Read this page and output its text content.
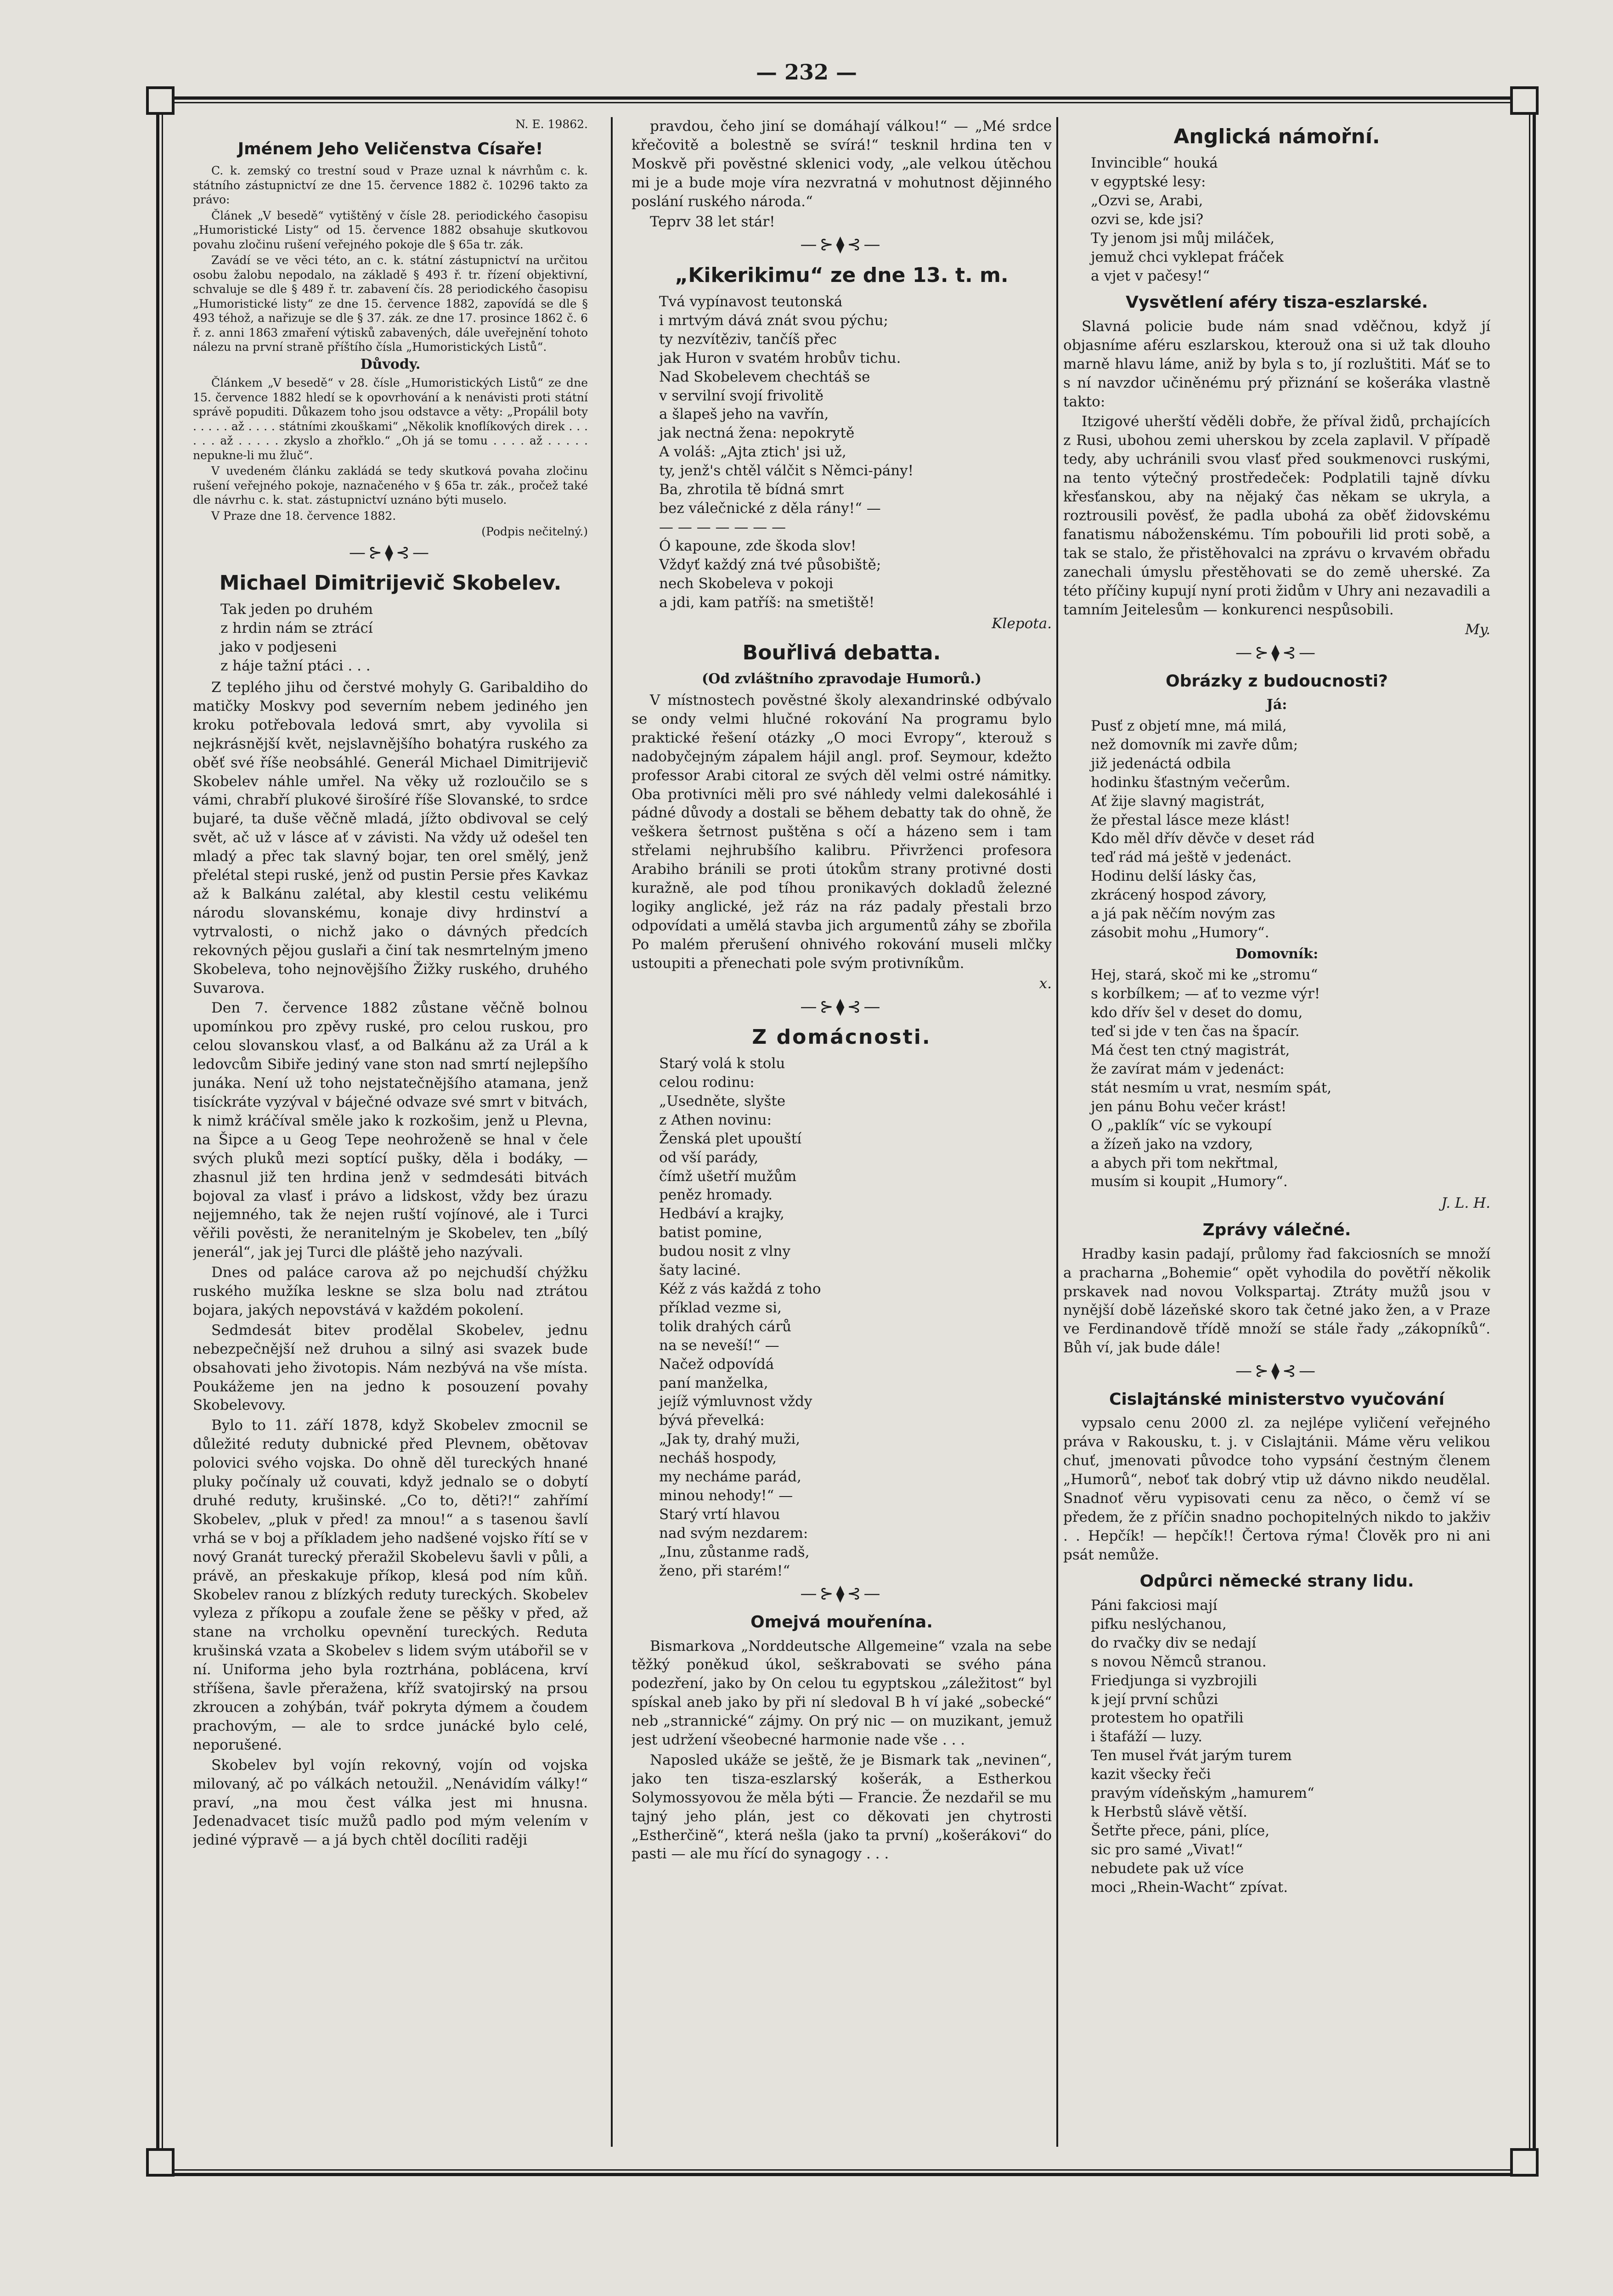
— 232 —
N. E. 19862.
Jménem Jeho Veličenstva Císaře!

C. k. zemský co trestní soud v Praze uznal k návrhům c. k. státního zástupnictví ze dne 15. července 1882 č. 10296 takto za právo:

Článek „V besedě“ vytištěný v čísle 28. periodického časopisu „Humoristické Listy“ od 15. července 1882 obsahuje skutkovou povahu zločinu rušení veřejného pokoje dle § 65a tr. zák.

Zavádí se ve věci této, an c. k. státní zástupnictví na určitou osobu žalobu nepodalo, na základě § 493 ř. tr. řízení objektivní, schvaluje se dle § 489 ř. tr. zabavení čís. 28 periodického časopisu „Humoristické listy“ ze dne 15. července 1882, zapovídá se dle § 493 téhož, a nařizuje se dle § 37. zák. ze dne 17. prosince 1862 č. 6 ř. z. anni 1863 zmaření výtisků zabavených, dále uveřejnění tohoto nálezu na první straně příštího čísla „Humoristických Listů“.

Důvody.

Článkem „V besedě“ v 28. čísle „Humoristických Listů“ ze dne 15. července 1882 hledí se k opovrhování a k nenávisti proti státní správě popuditi. Důkazem toho jsou odstavce a věty: „Propálil boty . . . . . až . . . . státními zkouškami“ „Několik knoflíkových direk . . . . . . až . . . . . zkyslo a zhořklo.“ „Oh já se tomu . . . . až . . . . . nepukne-li mu žluč“.

V uvedeném článku zakládá se tedy skutková povaha zločinu rušení veřejného pokoje, naznačeného v § 65a tr. zák., pročež také dle návrhu c. k. stat. zástupnictví uznáno býti muselo.

V Praze dne 18. července 1882.

(Podpis nečitelný.)
—⊱⧫⊰—
Michael Dimitrijevič Skobelev.
Tak jeden po druhém
z hrdin nám se ztrácí
jako v podjeseni
z háje tažní ptáci . . .

Z teplého jihu od čerstvé mohyly G. Garibaldiho do matičky Moskvy pod severním nebem jediného jen kroku potřebovala ledová smrt, aby vyvolila si nejkrásnější květ, nejslavnějšího bohatýra ruského za oběť své říše neobsáhlé. Generál Michael Dimitrijevič Skobelev náhle umřel. Na věky už rozloučilo se s vámi, chrabří plukové širošíré říše Slovanské, to srdce bujaré, ta duše věčně mladá, jížto obdivoval se celý svět, ač už v lásce ať v závisti. Na vždy už odešel ten mladý a přec tak slavný bojar, ten orel smělý, jenž přelétal stepi ruské, jenž od pustin Persie přes Kavkaz až k Balkánu zalétal, aby klestil cestu velikému národu slovanskému, konaje divy hrdinství a vytrvalosti, o nichž jako o dávných předcích rekovných pějou guslaři a činí tak nesmrtelným jmeno Skobeleva, toho nejnovějšího Žižky ruského, druhého Suvarova.

Den 7. července 1882 zůstane věčně bolnou upomínkou pro zpěvy ruské, pro celou ruskou, pro celou slovanskou vlasť, a od Balkánu až za Urál a k ledovcům Sibiře jediný vane ston nad smrtí nejlepšího junáka. Není už toho nejstatečnějšího atamana, jenž tisíckráte vyzýval v báječné odvaze své smrt v bitvách, k nimž kráčíval směle jako k rozkošim, jenž u Plevna, na Šipce a u Geog Tepe neohroženě se hnal v čele svých pluků mezi soptící pušky, děla i bodáky, — zhasnul již ten hrdina jenž v sedmdesáti bitvách bojoval za vlasť i právo a lidskost, vždy bez úrazu nejjemného, tak že nejen ruští vojínové, ale i Turci věřili pověsti, že neranitelným je Skobelev, ten „bílý jenerál“, jak jej Turci dle pláště jeho nazývali.

Dnes od paláce carova až po nejchudší chýžku ruského mužíka leskne se slza bolu nad ztrátou bojara, jakých nepovstává v každém pokolení.

Sedmdesát bitev prodělal Skobelev, jednu nebezpečnější než druhou a silný asi svazek bude obsahovati jeho životopis. Nám nezbývá na vše místa. Poukážeme jen na jedno k posouzení povahy Skobelevovy.

Bylo to 11. září 1878, když Skobelev zmocnil se důležité reduty dubnické před Plevnem, obětovav polovici svého vojska. Do ohně děl tureckých hnané pluky počínaly už couvati, když jednalo se o dobytí druhé reduty, krušinské. „Co to, děti?!“ zahřímí Skobelev, „pluk v před! za mnou!“ a s tasenou šavlí vrhá se v boj a příkladem jeho nadšené vojsko řítí se v nový Granát turecký přeražil Skobelevu šavli v půli, a právě, an přeskakuje příkop, klesá pod ním kůň. Skobelev ranou z blízkých reduty tureckých. Skobelev vyleza z příkopu a zoufale žene se pěšky v před, až stane na vrcholku opevnění tureckých. Reduta krušinská vzata a Skobelev s lidem svým utábořil se v ní. Uniforma jeho byla roztrhána, poblácena, krví stříšena, šavle přeražena, kříž svatojirský na prsou zkroucen a zohýbán, tvář pokryta dýmem a čoudem prachovým, — ale to srdce junácké bylo celé, neporušené.

Skobelev byl vojín rekovný, vojín od vojska milovaný, ač po válkách netoužil. „Nenávidím války!“ praví, „na mou čest válka jest mi hnusna. Jedenadvacet tisíc mužů padlo pod mým velením v jediné výpravě — a já bych chtěl docíliti raději

pravdou, čeho jiní se domáhají válkou!“ — „Mé srdce křečovitě a bolestně se svírá!“ tesknil hrdina ten v Moskvě při pověstné sklenici vody, „ale velkou útěchou mi je a bude moje víra nezvratná v mohutnost dějinného poslání ruského národa.“

Teprv 38 let stár!

—⊱⧫⊰—
„Kikerikimu“ ze dne 13. t. m.
Tvá vypínavost teutonská
i mrtvým dává znát svou pýchu;
ty nezvítěziv, tančíš přec
jak Huron v svatém hrobův tichu.
Nad Skobelevem chechtáš se
v servilní svojí frivolitě
a šlapeš jeho na vavřín,
jak nectná žena: nepokrytě
A voláš: „Ajta ztich' jsi už,
ty, jenž's chtěl válčit s Němci-pány!
Ba, zhrotila tě bídná smrt
bez válečnické z děla rány!“ —
— — — — — — —
Ó kapoune, zde škoda slov!
Vždyť každý zná tvé působiště;
nech Skobeleva v pokoji
a jdi, kam patříš: na smetiště!
Klepota.
Bouřlivá debatta.
(Od zvláštního zpravodaje Humorů.)

V místnostech pověstné školy alexandrinské odbývalo se ondy velmi hlučné rokování Na programu bylo praktické řešení otázky „O moci Evropy“, kterouž s nadobyčejným zápalem hájil angl. prof. Seymour, kdežto professor Arabi citoral ze svých děl velmi ostré námitky. Oba protivníci měli pro své náhledy velmi dalekosáhlé i pádné důvody a dostali se během debatty tak do ohně, že veškera šetrnost puštěna s očí a házeno sem i tam střelami nejhrubšího kalibru. Přivrženci profesora Arabiho bránili se proti útokům strany protivné dosti kuražně, ale pod tíhou pronikavých dokladů železné logiky anglické, jež ráz na ráz padaly přestali brzo odpovídati a umělá stavba jich argumentů záhy se zbořila Po malém přerušení ohnivého rokování museli mlčky ustoupiti a přenechati pole svým protivníkům.

x.
—⊱⧫⊰—
Z domácnosti.
Starý volá k stolu
celou rodinu:
„Usedněte, slyšte
z Athen novinu:
Ženská plet upouští
od vší parády,
čímž ušetří mužům
peněz hromady.
Hedbáví a krajky,
batist pomine,
budou nosit z vlny
šaty laciné.
Kéž z vás každá z toho
příklad vezme si,
tolik drahých cárů
na se neveší!“ —
Načež odpovídá
paní manželka,
jejíž výmluvnost vždy
bývá převelká:
„Jak ty, drahý muži,
necháš hospody,
my necháme parád,
minou nehody!“ —
Starý vrtí hlavou
nad svým nezdarem:
„Inu, zůstanme radš,
ženo, při starém!“
—⊱⧫⊰—
Omejvá mouřenína.

Bismarkova „Norddeutsche Allgemeine“ vzala na sebe těžký poněkud úkol, seškrabovati se svého pána podezření, jako by On celou tu egyptskou „záležitost“ byl spískal aneb jako by při ní sledoval B h ví jaké „sobecké“ neb „strannické“ zájmy. On prý nic — on muzikant, jemuž jest udržení všeobecné harmonie nade vše . . .

Naposled ukáže se ještě, že je Bismark tak „nevinen“, jako ten tisza-eszlarský košerák, a Estherkou Solymossyovou že měla býti — Francie. Že nezdařil se mu tajný jeho plán, jest co děkovati jen chytrosti „Estherčině“, která nešla (jako ta první) „košerákovi“ do pasti — ale mu řící do synagogy . . .

Anglická námořní.
Invincible“ houká
v egyptské lesy:
„Ozvi se, Arabi,
ozvi se, kde jsi?
Ty jenom jsi můj miláček,
jemuž chci vyklepat fráček
a vjet v pačesy!“
Vysvětlení aféry tisza-eszlarské.

Slavná policie bude nám snad vděčnou, když jí objasníme aféru eszlarskou, kterouž ona si už tak dlouho marně hlavu láme, aniž by byla s to, jí rozluštiti. Máť se to s ní navzdor učiněnému prý přiznání se košeráka vlastně takto:

Itzigové uherští věděli dobře, že příval židů, prchajících z Rusi, ubohou zemi uherskou by zcela zaplavil. V případě tedy, aby uchránili svou vlasť před soukmenovci ruskými, na tento výtečný prostředeček: Podplatili tajně dívku křesťanskou, aby na nějaký čas někam se ukryla, a roztrousili pověsť, že padla ubohá za oběť židovskému fanatismu náboženskému. Tím pobouřili lid proti sobě, a tak se stalo, že přistěhovalci na zprávu o krvavém obřadu zanechali úmyslu přestěhovati se do země uherské. Za této příčiny kupují nyní proti židům v Uhry ani nezavadili a tamním Jeitelesům — konkurenci nespůsobili.

My.
—⊱⧫⊰—
Obrázky z budoucnosti?
Já:
Pusť z objetí mne, má milá,
než domovník mi zavře dům;
již jedenáctá odbila
hodinku šťastným večerům.
Ať žije slavný magistrát,
že přestal lásce meze klást!
Kdo měl dřív děvče v deset rád
teď rád má ještě v jedenáct.
Hodinu delší lásky čas,
zkrácený hospod závory,
a já pak něčím novým zas
zásobit mohu „Humory“.
Domovník:
Hej, stará, skoč mi ke „stromu“
s korbílkem; — ať to vezme výr!
kdo dřív šel v deset do domu,
teď si jde v ten čas na špacír.
Má čest ten ctný magistrát,
že zavírat mám v jedenáct:
stát nesmím u vrat, nesmím spát,
jen pánu Bohu večer krást!
O „paklík“ víc se vykoupí
a žízeň jako na vzdory,
a abych při tom nekřtmal,
musím si koupit „Humory“.
J. L. H.
Zprávy válečné.

Hradby kasin padají, průlomy řad fakciosních se množí a pracharna „Bohemie“ opět vyhodila do povětří několik prskavek nad novou Volkspartaj. Ztráty mužů jsou v nynější době lázeňské skoro tak četné jako žen, a v Praze ve Ferdinandově třídě množí se stále řady „zákopníků“. Bůh ví, jak bude dále!

—⊱⧫⊰—
Cislajtánské ministerstvo vyučování

vypsalo cenu 2000 zl. za nejlépe vyličení veřejného práva v Rakousku, t. j. v Cislajtánii. Máme věru velikou chuť, jmenovati původce toho vypsání čestným členem „Humorů“, neboť tak dobrý vtip už dávno nikdo neudělal. Snadnoť věru vypisovati cenu za něco, o čemž ví se předem, že z příčin snadno pochopitelných nikdo to jakživ . . Hepčík! — hepčík!! Čertova rýma! Člověk pro ni ani psát nemůže.

Odpůrci německé strany lidu.
Páni fakciosi mají
pifku neslýchanou,
do rvačky div se nedají
s novou Němců stranou.
Friedjunga si vyzbrojili
k její první schůzi
protestem ho opatřili
i štafáží — luzy.
Ten musel řvát jarým turem
kazit všecky řeči
pravým vídeňským „hamurem“
k Herbstů slávě větší.
Šetřte přece, páni, plíce,
sic pro samé „Vivat!“
nebudete pak už více
moci „Rhein-Wacht“ zpívat.
